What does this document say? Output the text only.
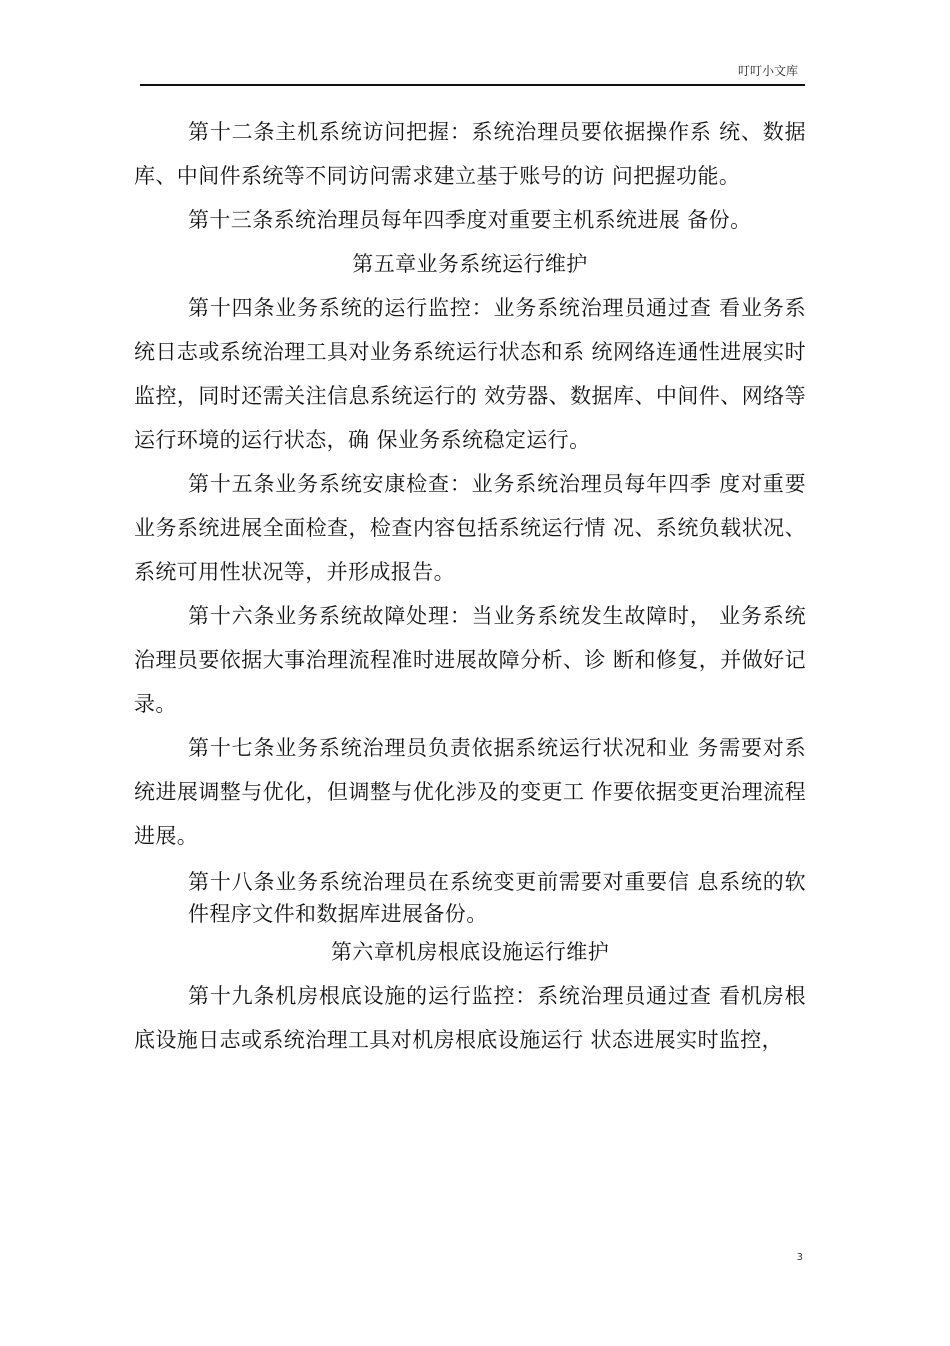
叮叮小文库

第十二条主机系统访问把握：系统治理员要依据操作系 统、数据库、中间件系统等不同访问需求建立基于账号的访 问把握功能。

第十三条系统治理员每年四季度对重要主机系统进展 备份。

第五章业务系统运行维护

第十四条业务系统的运行监控：业务系统治理员通过查 看业务系统日志或系统治理工具对业务系统运行状态和系 统网络连通性进展实时监控，同时还需关注信息系统运行的 效劳器、数据库、中间件、网络等运行环境的运行状态，确 保业务系统稳定运行。

第十五条业务系统安康检查：业务系统治理员每年四季 度对重要业务系统进展全面检查，检查内容包括系统运行情 况、系统负载状况、系统可用性状况等，并形成报告。

第十六条业务系统故障处理：当业务系统发生故障时， 业务系统治理员要依据大事治理流程准时进展故障分析、诊 断和修复，并做好记录。

第十七条业务系统治理员负责依据系统运行状况和业 务需要对系统进展调整与优化，但调整与优化涉及的变更工 作要依据变更治理流程进展。

第十八条业务系统治理员在系统变更前需要对重要信 息系统的软件程序文件和数据库进展备份。

第六章机房根底设施运行维护

第十九条机房根底设施的运行监控：系统治理员通过查 看机房根底设施日志或系统治理工具对机房根底设施运行 状态进展实时监控，

3
